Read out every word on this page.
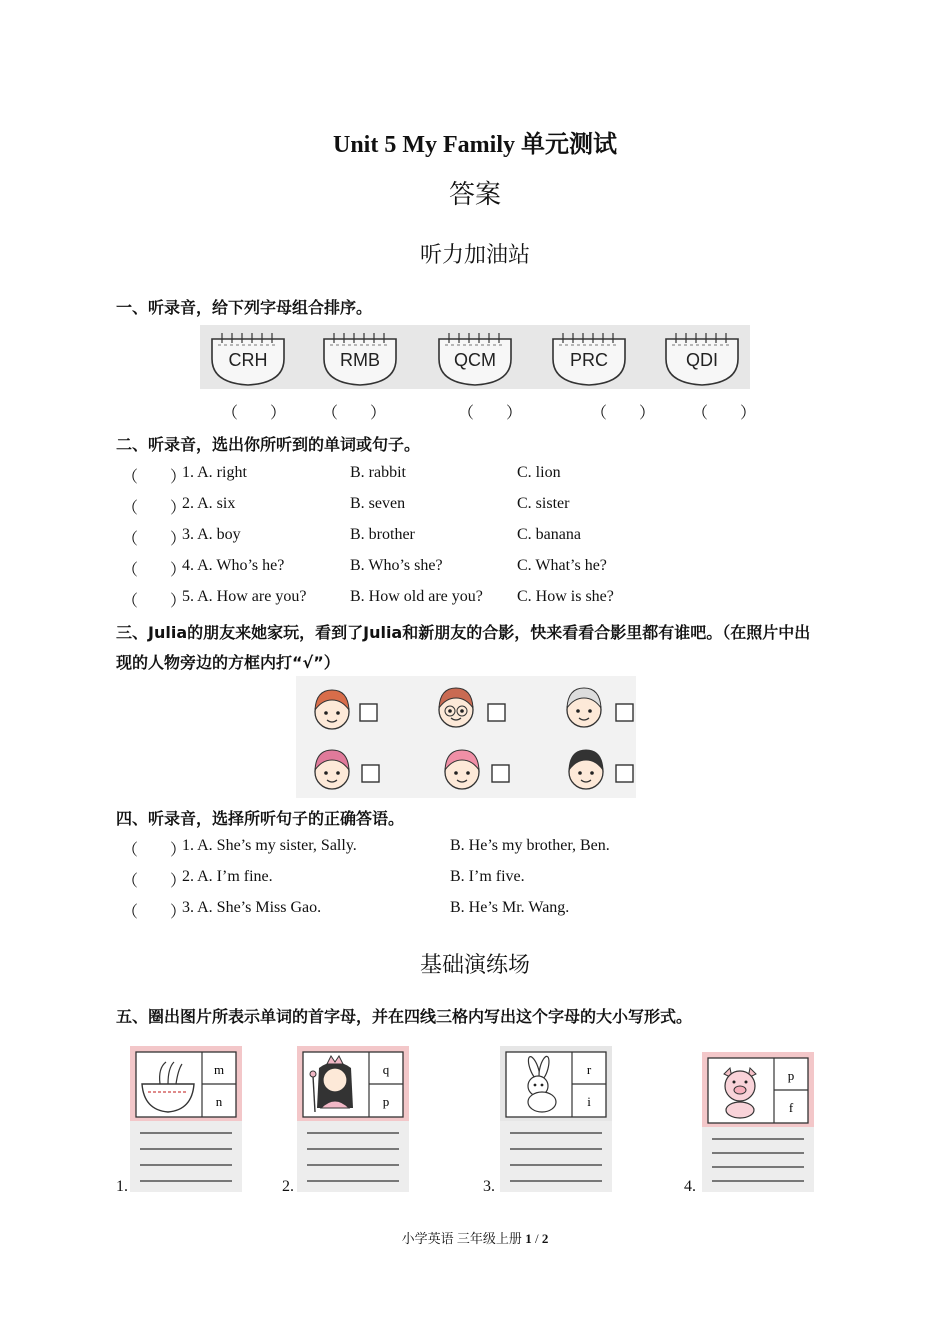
Unit 5 My Family 单元测试
答案
听力加油站
一、听录音，给下列字母组合排序。
CRH	RMB	QCM	PRC	QDI
（　　） （　　）	（　　）	（　　） （　　）
二、听录音，选出你所听到的单词或句子。
（　　）
1. A. right	B. rabbit	C. lion
（　　）
2. A. six	B. seven	C. sister
（　　）
3. A. boy	B. brother	C. banana
（　　）
4. A. Who’s he?	B. Who’s she?	C. What’s he?
（　　）
5. A. How are you?	B. How old are you? C. How is she?
三、Julia的朋友来她家玩，看到了Julia和新朋友的合影，快来看看合影里都有谁吧。（在照片中出
现的人物旁边的方框内打“√”）
四、听录音，选择所听句子的正确答语。
（　　）
1. A. She’s my sister, Sally.	B. He’s my brother, Ben.
（　　）
2. A. I’m fine.	B. I’m five.
（　　）
3. A. She’s Miss Gao.	B. He’s Mr. Wang.
基础演练场
五、圈出图片所表示单词的首字母，并在四线三格内写出这个字母的大小写形式。
1.
m
n
2.
q
p
3.
r
i
4.
p
f
小学英语 三年级上册 1 / 2
